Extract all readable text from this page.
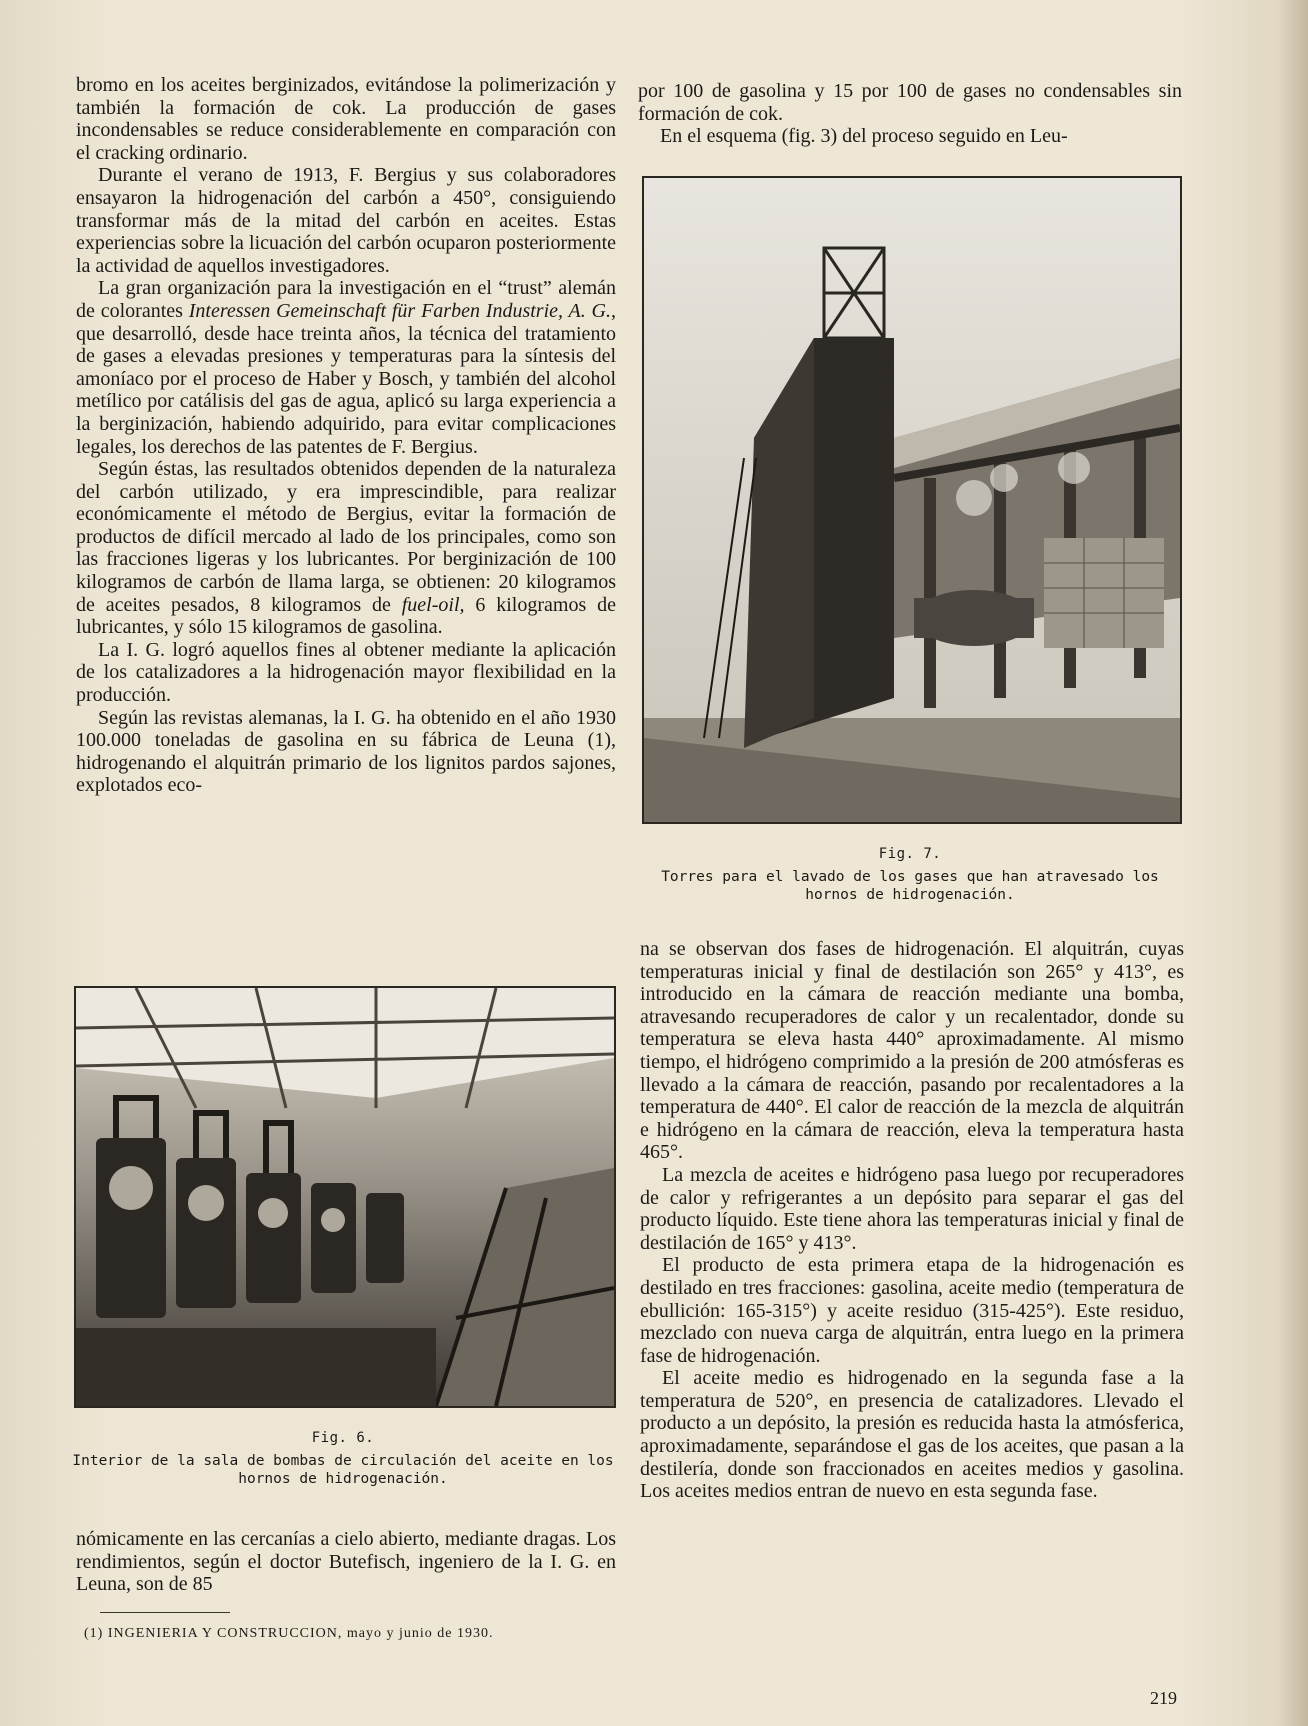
bromo en los aceites berginizados, evitándose la polimerización y también la formación de cok. La producción de gases incondensables se reduce considerablemente en comparación con el cracking ordinario.

Durante el verano de 1913, F. Bergius y sus colaboradores ensayaron la hidrogenación del carbón a 450°, consiguiendo transformar más de la mitad del carbón en aceites. Estas experiencias sobre la licuación del carbón ocuparon posteriormente la actividad de aquellos investigadores.

La gran organización para la investigación en el “trust” alemán de colorantes Interessen Gemeinschaft für Farben Industrie, A. G., que desarrolló, desde hace treinta años, la técnica del tratamiento de gases a elevadas presiones y temperaturas para la síntesis del amoníaco por el proceso de Haber y Bosch, y también del alcohol metílico por catálisis del gas de agua, aplicó su larga experiencia a la berginización, habiendo adquirido, para evitar complicaciones legales, los derechos de las patentes de F. Bergius.

Según éstas, las resultados obtenidos dependen de la naturaleza del carbón utilizado, y era imprescindible, para realizar económicamente el método de Bergius, evitar la formación de productos de difícil mercado al lado de los principales, como son las fracciones ligeras y los lubricantes. Por berginización de 100 kilogramos de carbón de llama larga, se obtienen: 20 kilogramos de aceites pesados, 8 kilogramos de fuel-oil, 6 kilogramos de lubricantes, y sólo 15 kilogramos de gasolina.

La I. G. logró aquellos fines al obtener mediante la aplicación de los catalizadores a la hidrogenación mayor flexibilidad en la producción.

Según las revistas alemanas, la I. G. ha obtenido en el año 1930 100.000 toneladas de gasolina en su fábrica de Leuna (1), hidrogenando el alquitrán primario de los lignitos pardos sajones, explotados eco-

Fig. 6.
Interior de la sala de bombas de circulación del aceite en los hornos de hidrogenación.

nómicamente en las cercanías a cielo abierto, mediante dragas. Los rendimientos, según el doctor Butefisch, ingeniero de la I. G. en Leuna, son de 85

(1) INGENIERIA Y CONSTRUCCION, mayo y junio de 1930.

por 100 de gasolina y 15 por 100 de gases no condensables sin formación de cok.

En el esquema (fig. 3) del proceso seguido en Leu-

Fig. 7.
Torres para el lavado de los gases que han atravesado los hornos de hidrogenación.

na se observan dos fases de hidrogenación. El alquitrán, cuyas temperaturas inicial y final de destilación son 265° y 413°, es introducido en la cámara de reacción mediante una bomba, atravesando recuperadores de calor y un recalentador, donde su temperatura se eleva hasta 440° aproximadamente. Al mismo tiempo, el hidrógeno comprimido a la presión de 200 atmósferas es llevado a la cámara de reacción, pasando por recalentadores a la temperatura de 440°. El calor de reacción de la mezcla de alquitrán e hidrógeno en la cámara de reacción, eleva la temperatura hasta 465°.

La mezcla de aceites e hidrógeno pasa luego por recuperadores de calor y refrigerantes a un depósito para separar el gas del producto líquido. Este tiene ahora las temperaturas inicial y final de destilación de 165° y 413°.

El producto de esta primera etapa de la hidrogenación es destilado en tres fracciones: gasolina, aceite medio (temperatura de ebullición: 165-315°) y aceite residuo (315-425°). Este residuo, mezclado con nueva carga de alquitrán, entra luego en la primera fase de hidrogenación.

El aceite medio es hidrogenado en la segunda fase a la temperatura de 520°, en presencia de catalizadores. Llevado el producto a un depósito, la presión es reducida hasta la atmósferica, aproximadamente, separándose el gas de los aceites, que pasan a la destilería, donde son fraccionados en aceites medios y gasolina. Los aceites medios entran de nuevo en esta segunda fase.

219
